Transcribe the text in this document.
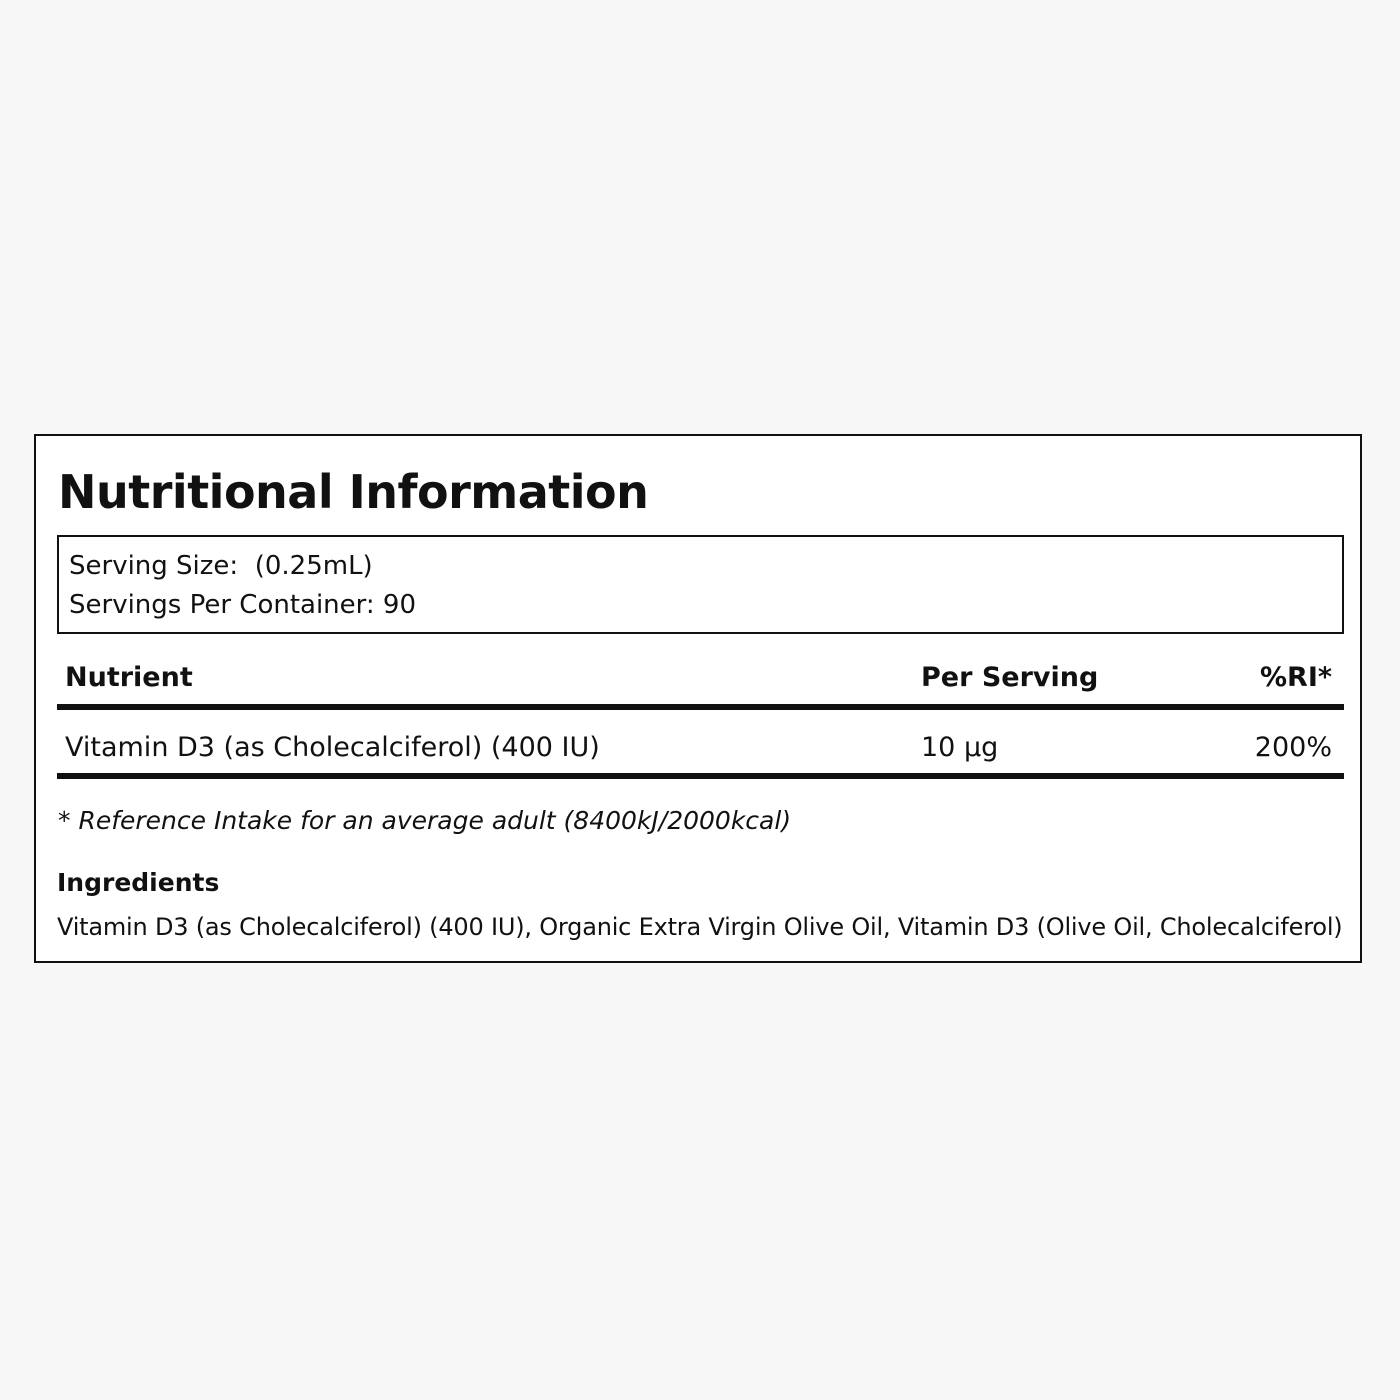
Nutritional Information
Serving Size:  (0.25mL)
Servings Per Container: 90
Nutrient	Per Serving	%RI*
Vitamin D3 (as Cholecalciferol) (400 IU)	10 µg	200%
* Reference Intake for an average adult (8400kJ/2000kcal)
Ingredients
Vitamin D3 (as Cholecalciferol) (400 IU), Organic Extra Virgin Olive Oil, Vitamin D3 (Olive Oil, Cholecalciferol)
